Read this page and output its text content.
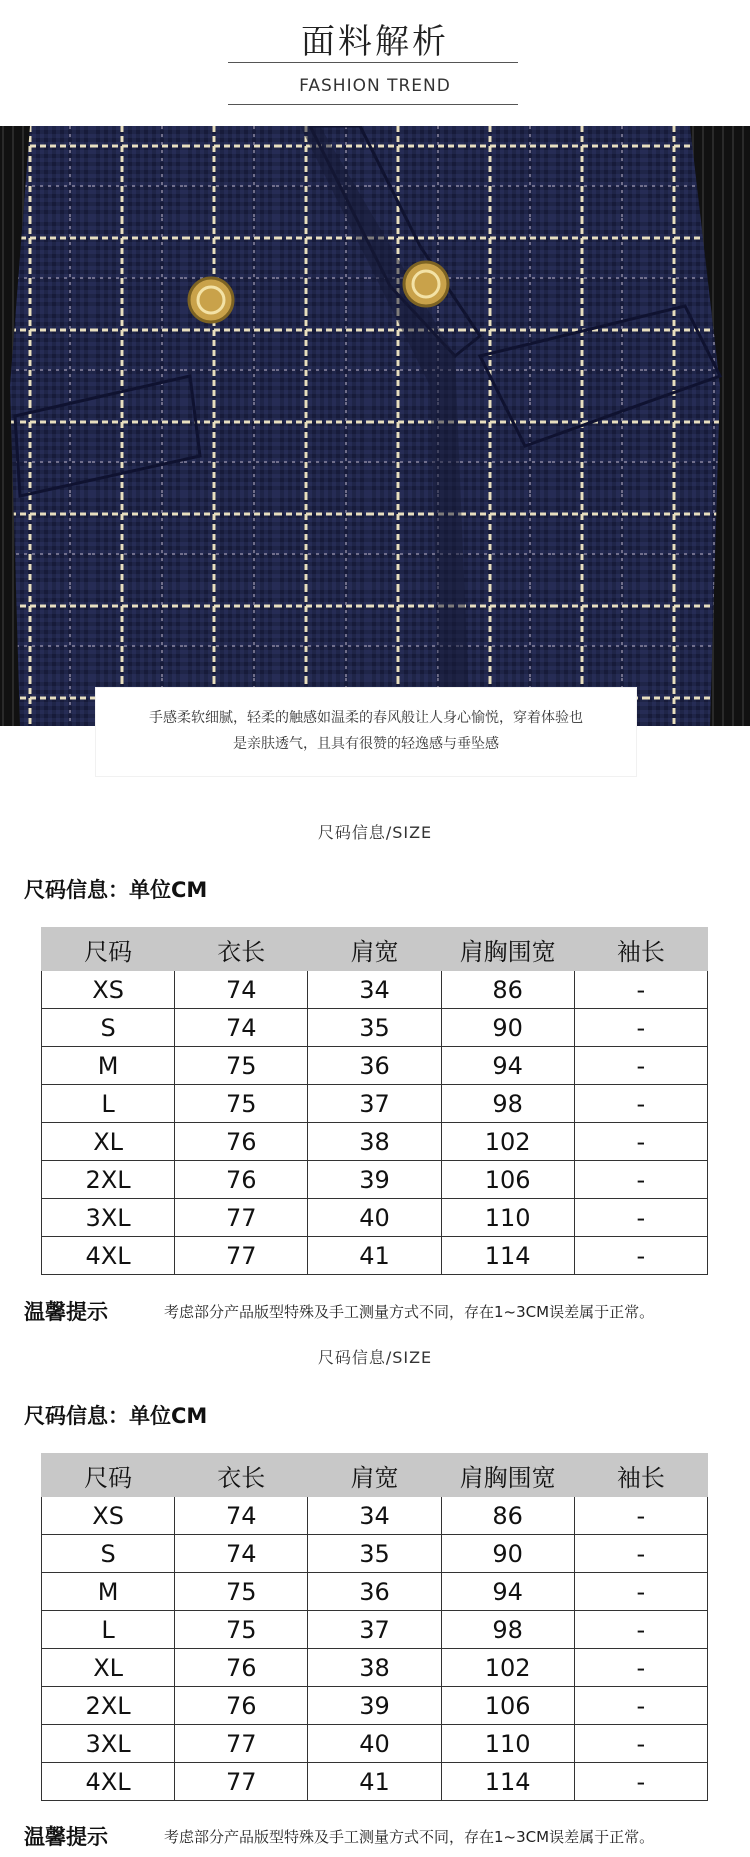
面料解析
FASHION TREND
手感柔软细腻，轻柔的触感如温柔的春风般让人身心愉悦，穿着体验也
是亲肤透气，且具有很赞的轻逸感与垂坠感
尺码信息/SIZE
尺码信息：单位CM
尺码	衣长	肩宽	肩胸围宽	袖长
XS	74	34	86	-
S	74	35	90	-
M	75	36	94	-
L	75	37	98	-
XL	76	38	102	-
2XL	76	39	106	-
3XL	77	40	110	-
4XL	77	41	114	-
温馨提示	考虑部分产品版型特殊及手工测量方式不同，存在1~3CM误差属于正常。
尺码信息/SIZE
尺码信息：单位CM
尺码	衣长	肩宽	肩胸围宽	袖长
XS	74	34	86	-
S	74	35	90	-
M	75	36	94	-
L	75	37	98	-
XL	76	38	102	-
2XL	76	39	106	-
3XL	77	40	110	-
4XL	77	41	114	-
温馨提示	考虑部分产品版型特殊及手工测量方式不同，存在1~3CM误差属于正常。
